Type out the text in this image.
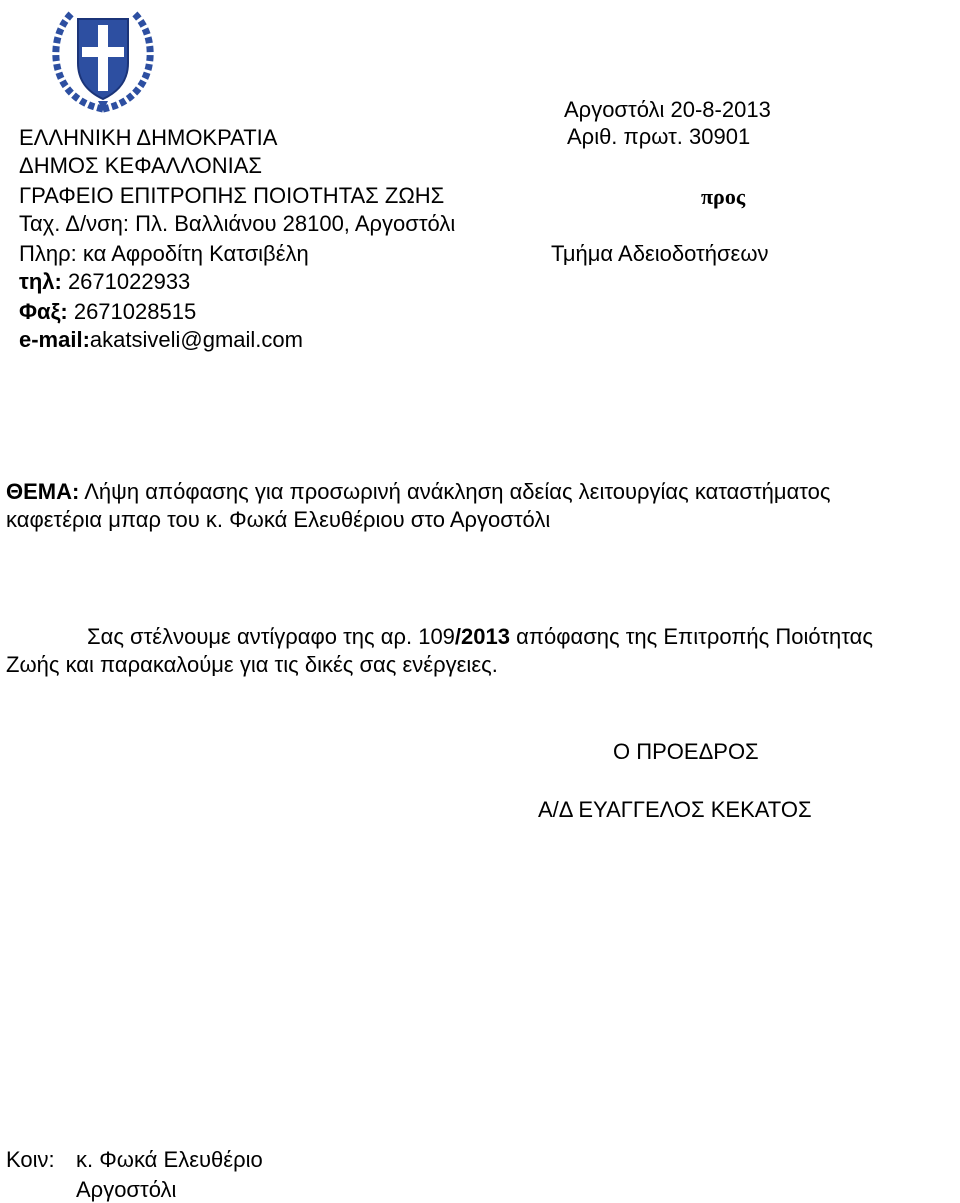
Αργοστόλι 20-8-2013
Αριθ. πρωτ. 30901
προς
Τμήμα Αδειοδοτήσεων
ΕΛΛΗΝΙΚΗ ΔΗΜΟΚΡΑΤΙΑ
ΔΗΜΟΣ ΚΕΦΑΛΛΟΝΙΑΣ
ΓΡΑΦΕΙΟ ΕΠΙΤΡΟΠΗΣ ΠΟΙΟΤΗΤΑΣ ΖΩΗΣ
Ταχ. Δ/νση: Πλ. Βαλλιάνου 28100, Αργοστόλι
Πληρ: κα Αφροδίτη Κατσιβέλη
τηλ: 2671022933
Φαξ: 2671028515
e-mail:akatsiveli@gmail.com
ΘΕΜΑ: Λήψη απόφασης για προσωρινή ανάκληση αδείας λειτουργίας καταστήματος
καφετέρια μπαρ του κ. Φωκά Ελευθέριου στο Αργοστόλι
Σας στέλνουμε αντίγραφο της αρ. 109/2013 απόφασης της Επιτροπής Ποιότητας
Ζωής και παρακαλούμε για τις δικές σας ενέργειες.
Ο ΠΡΟΕΔΡΟΣ
Α/Δ ΕΥΑΓΓΕΛΟΣ ΚΕΚΑΤΟΣ
Κοιν: κ. Φωκά Ελευθέριο
Αργοστόλι
